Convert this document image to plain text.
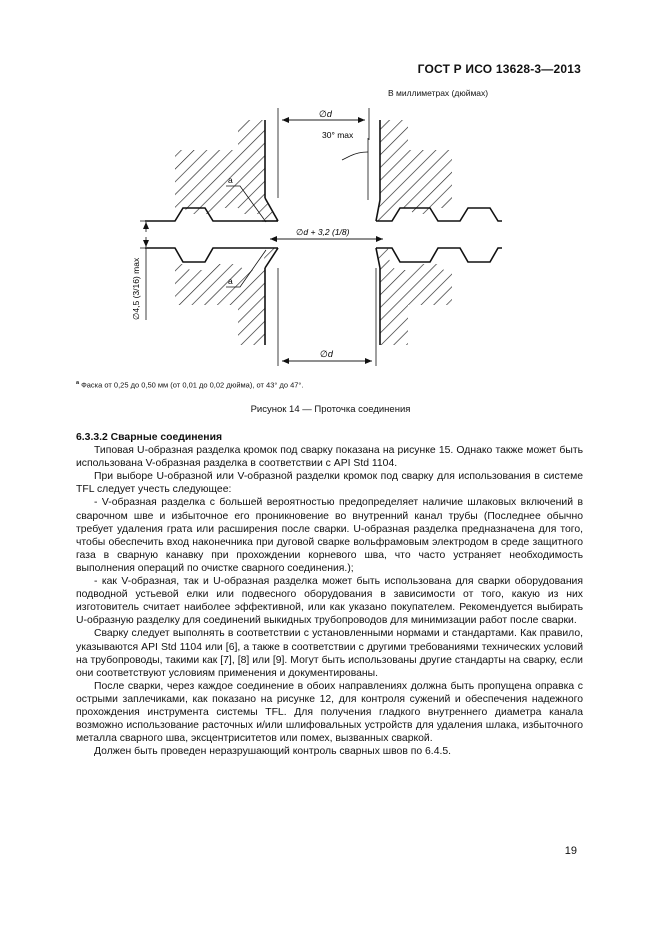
ГОСТ Р ИСО 13628-3—2013
В миллиметрах (дюймах)
∅d
30° max
∅d + 3,2 (1/8)
∅4,5 (3/16) max
a
a
∅d
$^a$ Фаска от 0,25 до 0,50 мм (от 0,01 до 0,02 дюйма), от 43° до 47°.
Рисунок 14 — Проточка соединения

6.3.3.2 Сварные соединения

Типовая U-образная разделка кромок под сварку показана на рисунке 15. Однако также может быть использована V-образная разделка в соответствии с API Std 1104.

При выборе U-образной или V-образной разделки кромок под сварку для использования в системе TFL следует учесть следующее:

- V-образная разделка с большей вероятностью предопределяет наличие шлаковых включений в сварочном шве и избыточное его проникновение во внутренний канал трубы (Последнее обычно требует удаления грата или расширения после сварки. U-образная разделка предназначена для того, чтобы обеспечить вход наконечника при дуговой сварке вольфрамовым электродом в среде защитного газа в сварную канавку при прохождении корневого шва, что часто устраняет необходимость выполнения операций по очистке сварного соединения.);

- как V-образная, так и U-образная разделка может быть использована для сварки оборудования подводной устьевой елки или подвесного оборудования в зависимости от того, какую из них изготовитель считает наиболее эффективной, или как указано покупателем. Рекомендуется выбирать U-образную разделку для соединений выкидных трубопроводов для минимизации работ после сварки.

Сварку следует выполнять в соответствии с установленными нормами и стандартами. Как правило, указываются API Std 1104 или [6], а также в соответствии с другими требованиями технических условий на трубопроводы, такими как [7], [8] или [9]. Могут быть использованы другие стандарты на сварку, если они соответствуют условиям применения и документированы.

После сварки, через каждое соединение в обоих направлениях должна быть пропущена оправка с острыми заплечиками, как показано на рисунке 12, для контроля сужений и обеспечения надежного прохождения инструмента системы TFL. Для получения гладкого внутреннего диаметра канала возможно использование расточных и/или шлифовальных устройств для удаления шлака, избыточного металла сварного шва, эксцентриситетов или помех, вызванных сваркой.

Должен быть проведен неразрушающий контроль сварных швов по 6.4.5.

19
